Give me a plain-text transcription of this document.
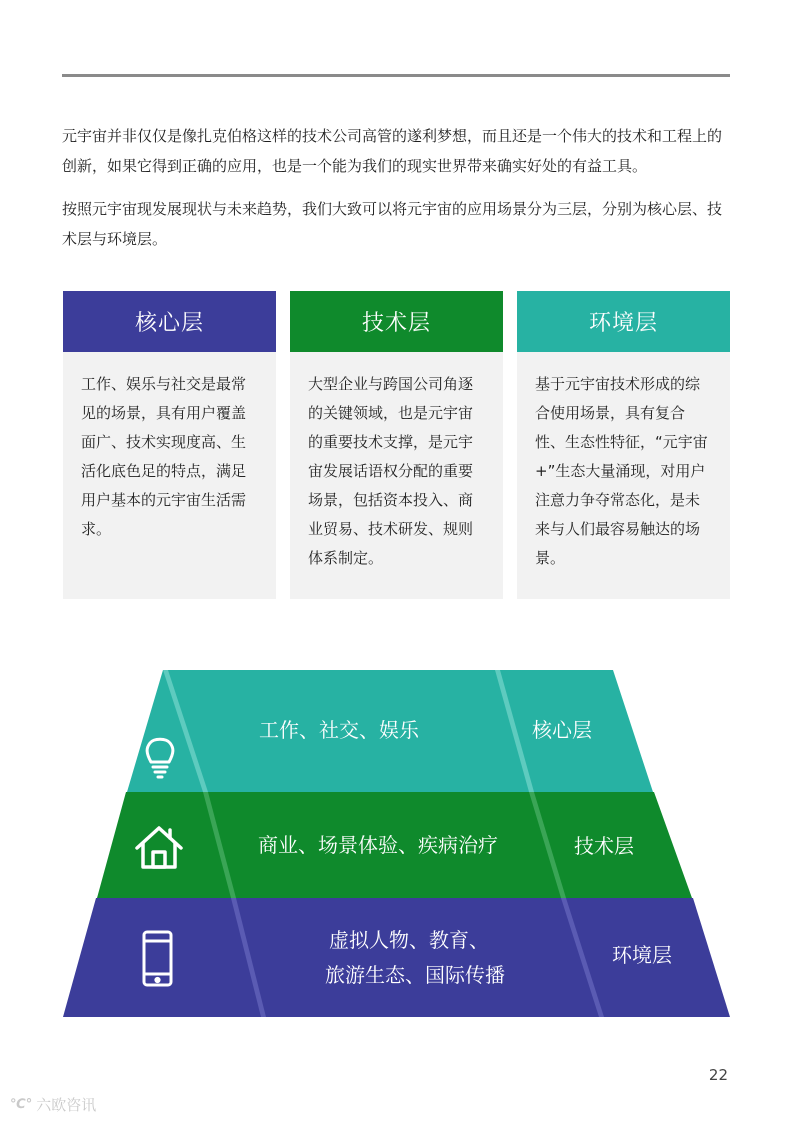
元宇宙并非仅仅是像扎克伯格这样的技术公司高管的遂利梦想，而且还是一个伟大的技术和工程上的创新，如果它得到正确的应用，也是一个能为我们的现实世界带来确实好处的有益工具。

按照元宇宙现发展现状与未来趋势，我们大致可以将元宇宙的应用场景分为三层，分别为核心层、技术层与环境层。

核心层

工作、娱乐与社交是最常见的场景，具有用户覆盖面广、技术实现度高、生活化底色足的特点，满足用户基本的元宇宙生活需求。

技术层

大型企业与跨国公司角逐的关键领域，也是元宇宙的重要技术支撑，是元宇宙发展话语权分配的重要场景，包括资本投入、商业贸易、技术研发、规则体系制定。

环境层

基于元宇宙技术形成的综合使用场景，具有复合性、生态性特征，“元宇宙+”生态大量涌现，对用户注意力争夺常态化，是未来与人们最容易触达的场景。

工作、社交、娱乐	核心层
商业、场景体验、疾病治疗	技术层
虚拟人物、教育、
旅游生态、国际传播
环境层
22
℃° 六欧咨讯
